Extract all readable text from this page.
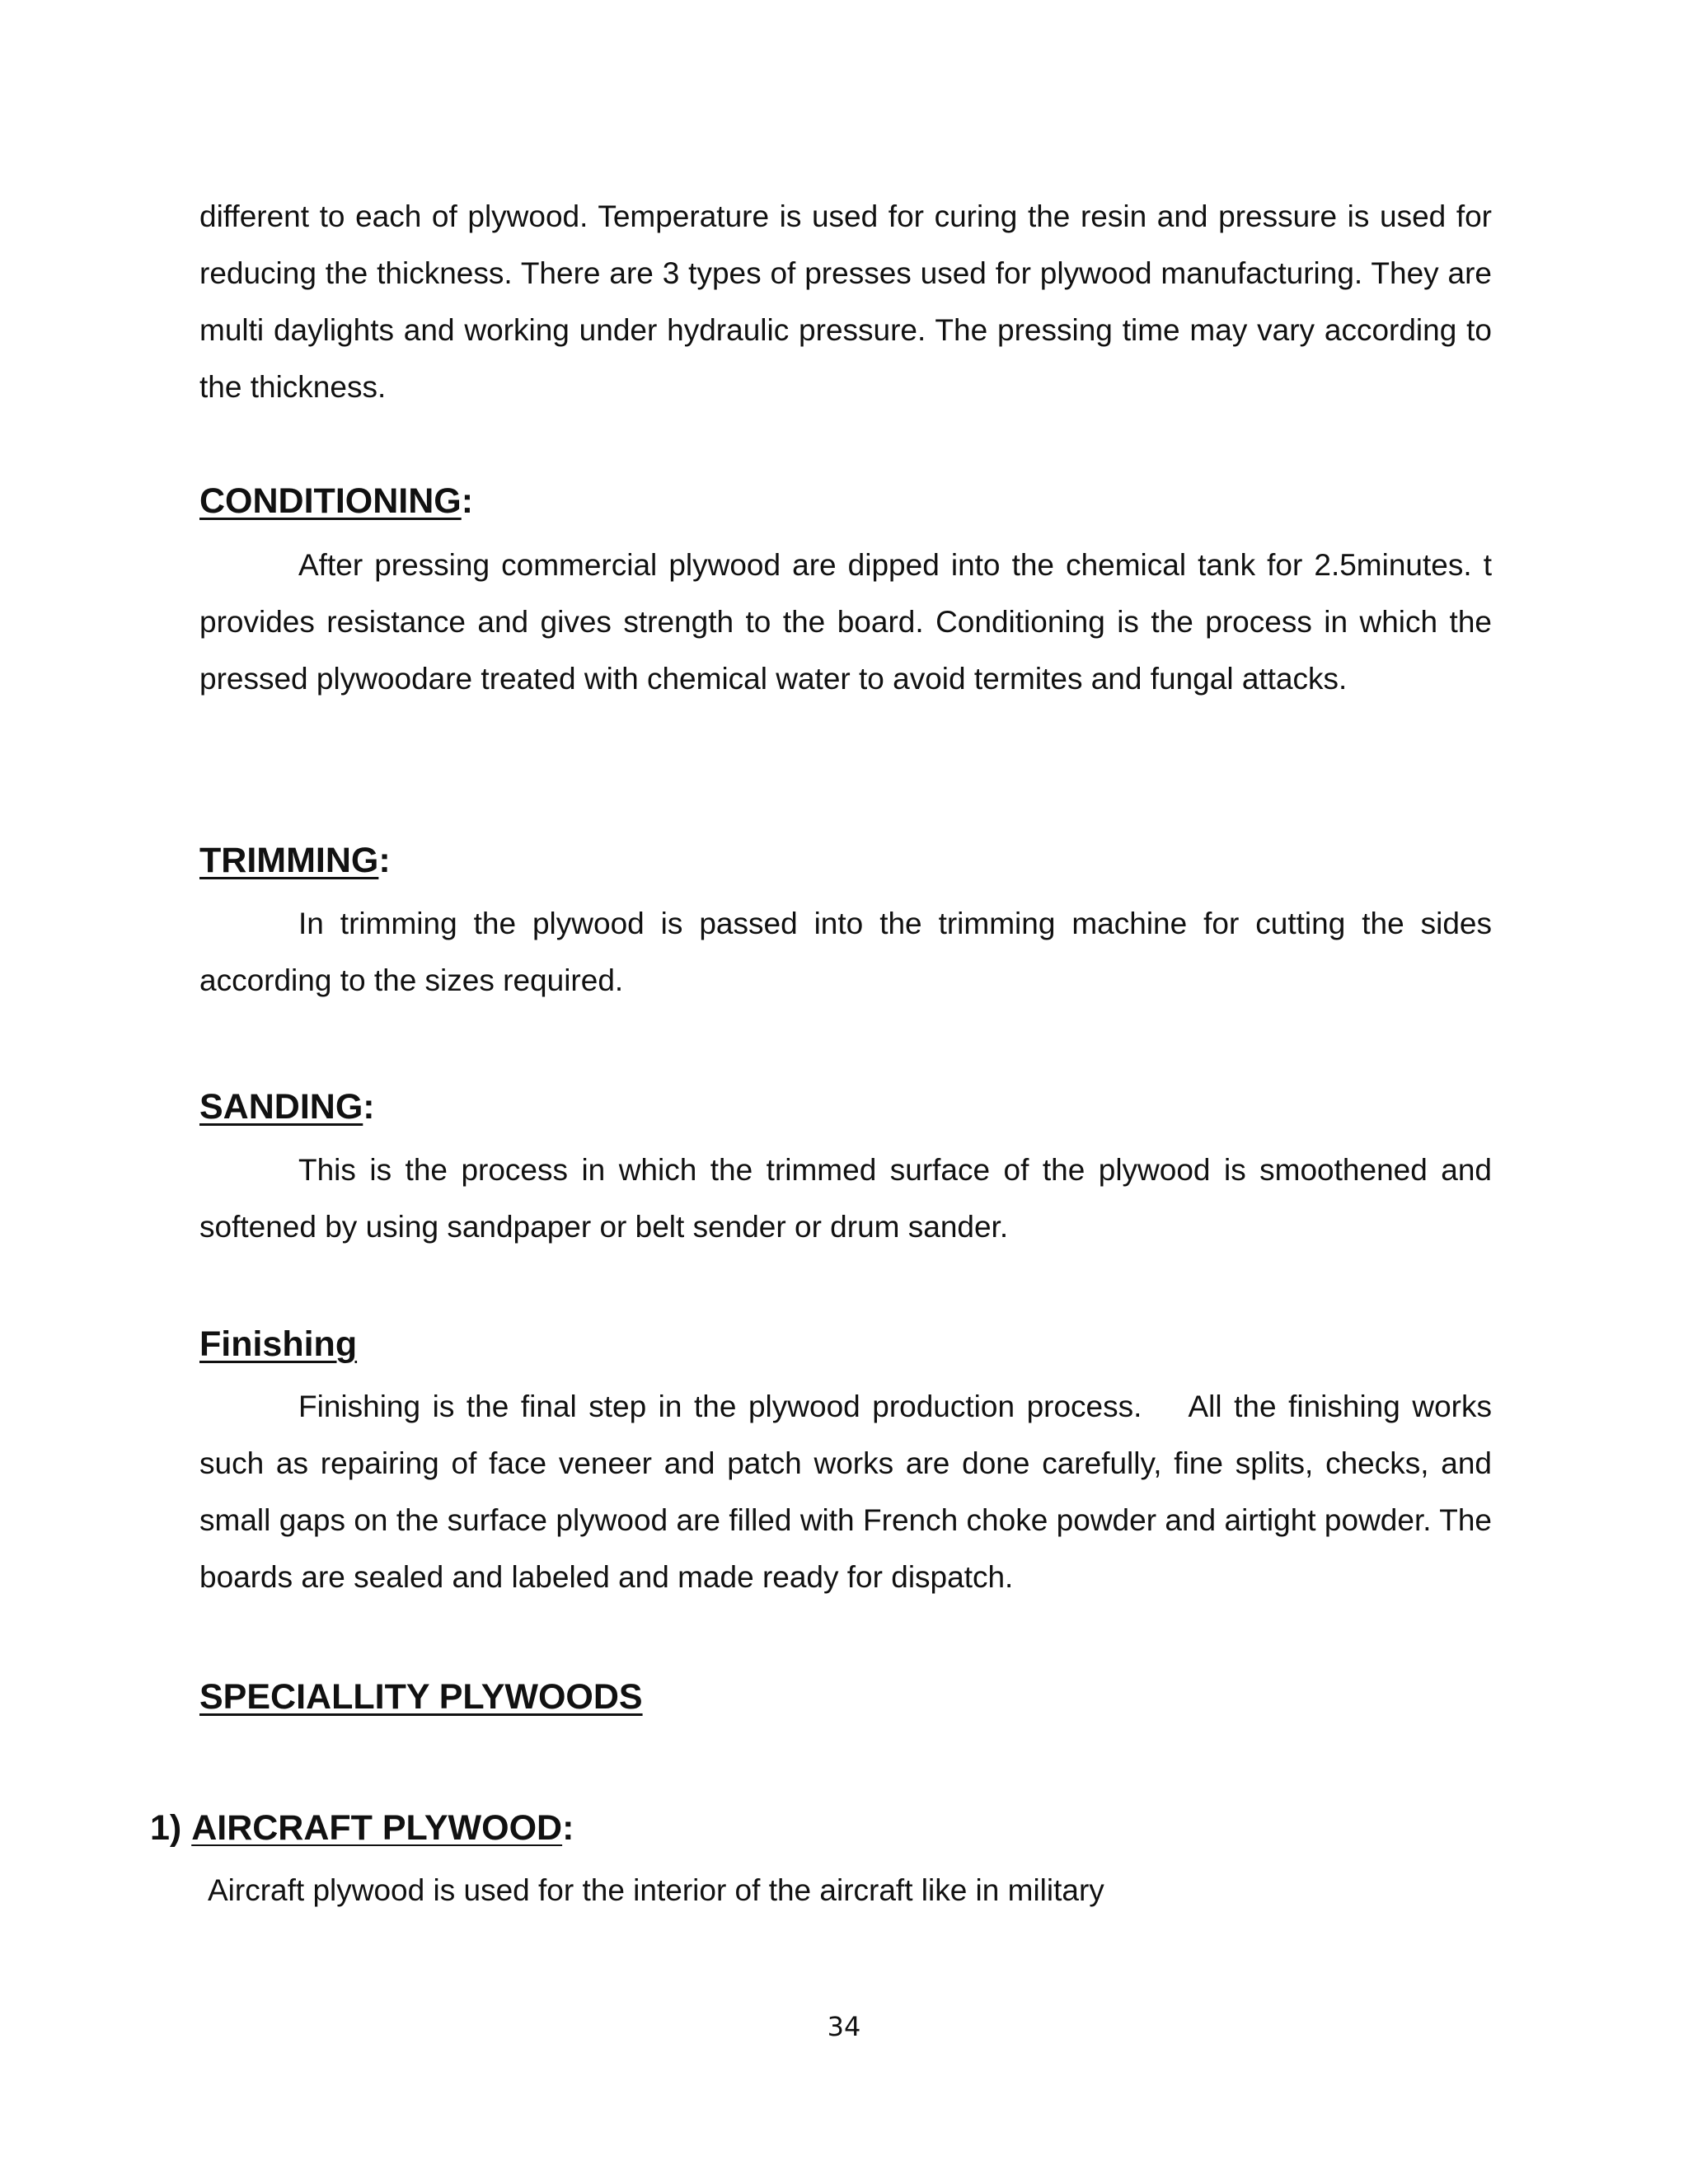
different to each of plywood. Temperature is used for curing the resin and pressure is used for reducing the thickness. There are 3 types of presses used for plywood manufacturing. They are multi daylights and working under hydraulic pressure. The pressing time may vary according to the thickness.

CONDITIONING:

After pressing commercial plywood are dipped into the chemical tank for 2.5minutes. t provides resistance and gives strength to the board. Conditioning is the process in which the pressed plywoodare treated with chemical water to avoid termites and fungal attacks.

TRIMMING:

In trimming the plywood is passed into the trimming machine for cutting the sides according to the sizes required.

SANDING:

This is the process in which the trimmed surface of the plywood is smoothened and softened by using sandpaper or belt sender or drum sander.

Finishing

Finishing is the final step in the plywood production process.    All the finishing works such as repairing of face veneer and patch works are done carefully, fine splits, checks, and small gaps on the surface plywood are filled with French choke powder and airtight powder. The boards are sealed and labeled and made ready for dispatch.

SPECIALLITY PLYWOODS
1) AIRCRAFT PLYWOOD:

Aircraft plywood is used for the interior of the aircraft like in military

34
